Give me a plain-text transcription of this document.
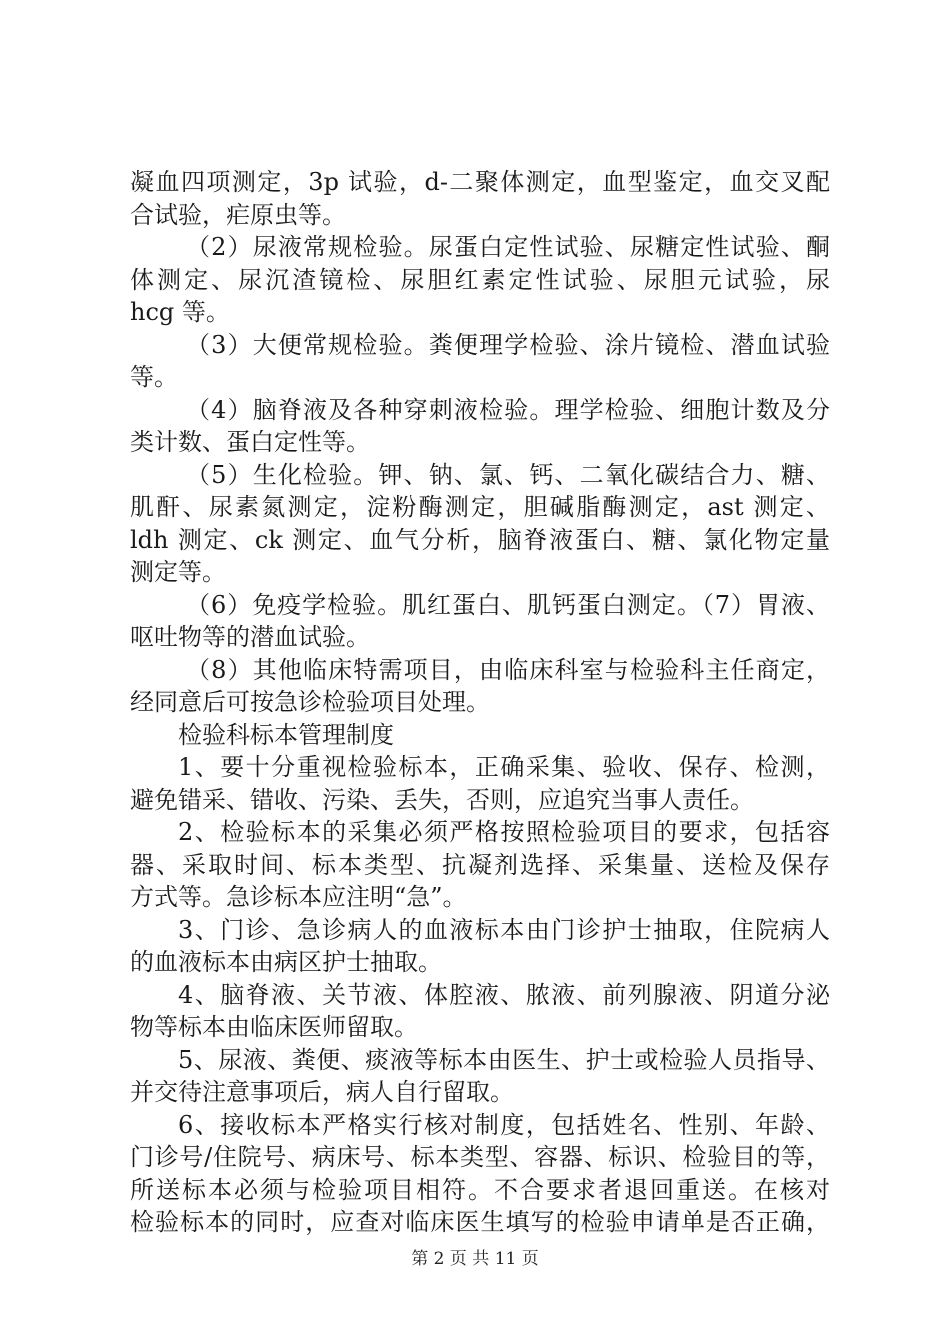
凝血四项测定，3p 试验，d-二聚体测定，血型鉴定，血交叉配
合试验，疟原虫等。
（2）尿液常规检验。尿蛋白定性试验、尿糖定性试验、酮
体测定、尿沉渣镜检、尿胆红素定性试验、尿胆元试验，尿
hcg 等。
（3）大便常规检验。粪便理学检验、涂片镜检、潜血试验
等。
（4）脑脊液及各种穿刺液检验。理学检验、细胞计数及分
类计数、蛋白定性等。
（5）生化检验。钾、钠、氯、钙、二氧化碳结合力、糖、
肌酐、尿素氮测定，淀粉酶测定，胆碱脂酶测定，ast 测定、
ldh 测定、ck 测定、血气分析，脑脊液蛋白、糖、氯化物定量
测定等。
（6）免疫学检验。肌红蛋白、肌钙蛋白测定。（7）胃液、
呕吐物等的潜血试验。
（8）其他临床特需项目，由临床科室与检验科主任商定，
经同意后可按急诊检验项目处理。
检验科标本管理制度
1、要十分重视检验标本，正确采集、验收、保存、检测，
避免错采、错收、污染、丢失，否则，应追究当事人责任。
2、检验标本的采集必须严格按照检验项目的要求，包括容
器、采取时间、标本类型、抗凝剂选择、采集量、送检及保存
方式等。急诊标本应注明“急”。
3、门诊、急诊病人的血液标本由门诊护士抽取，住院病人
的血液标本由病区护士抽取。
4、脑脊液、关节液、体腔液、脓液、前列腺液、阴道分泌
物等标本由临床医师留取。
5、尿液、粪便、痰液等标本由医生、护士或检验人员指导、
并交待注意事项后，病人自行留取。
6、接收标本严格实行核对制度，包括姓名、性别、年龄、
门诊号/住院号、病床号、标本类型、容器、标识、检验目的等，
所送标本必须与检验项目相符。不合要求者退回重送。在核对
检验标本的同时，应查对临床医生填写的检验申请单是否正确，
第 2 页 共 11 页
